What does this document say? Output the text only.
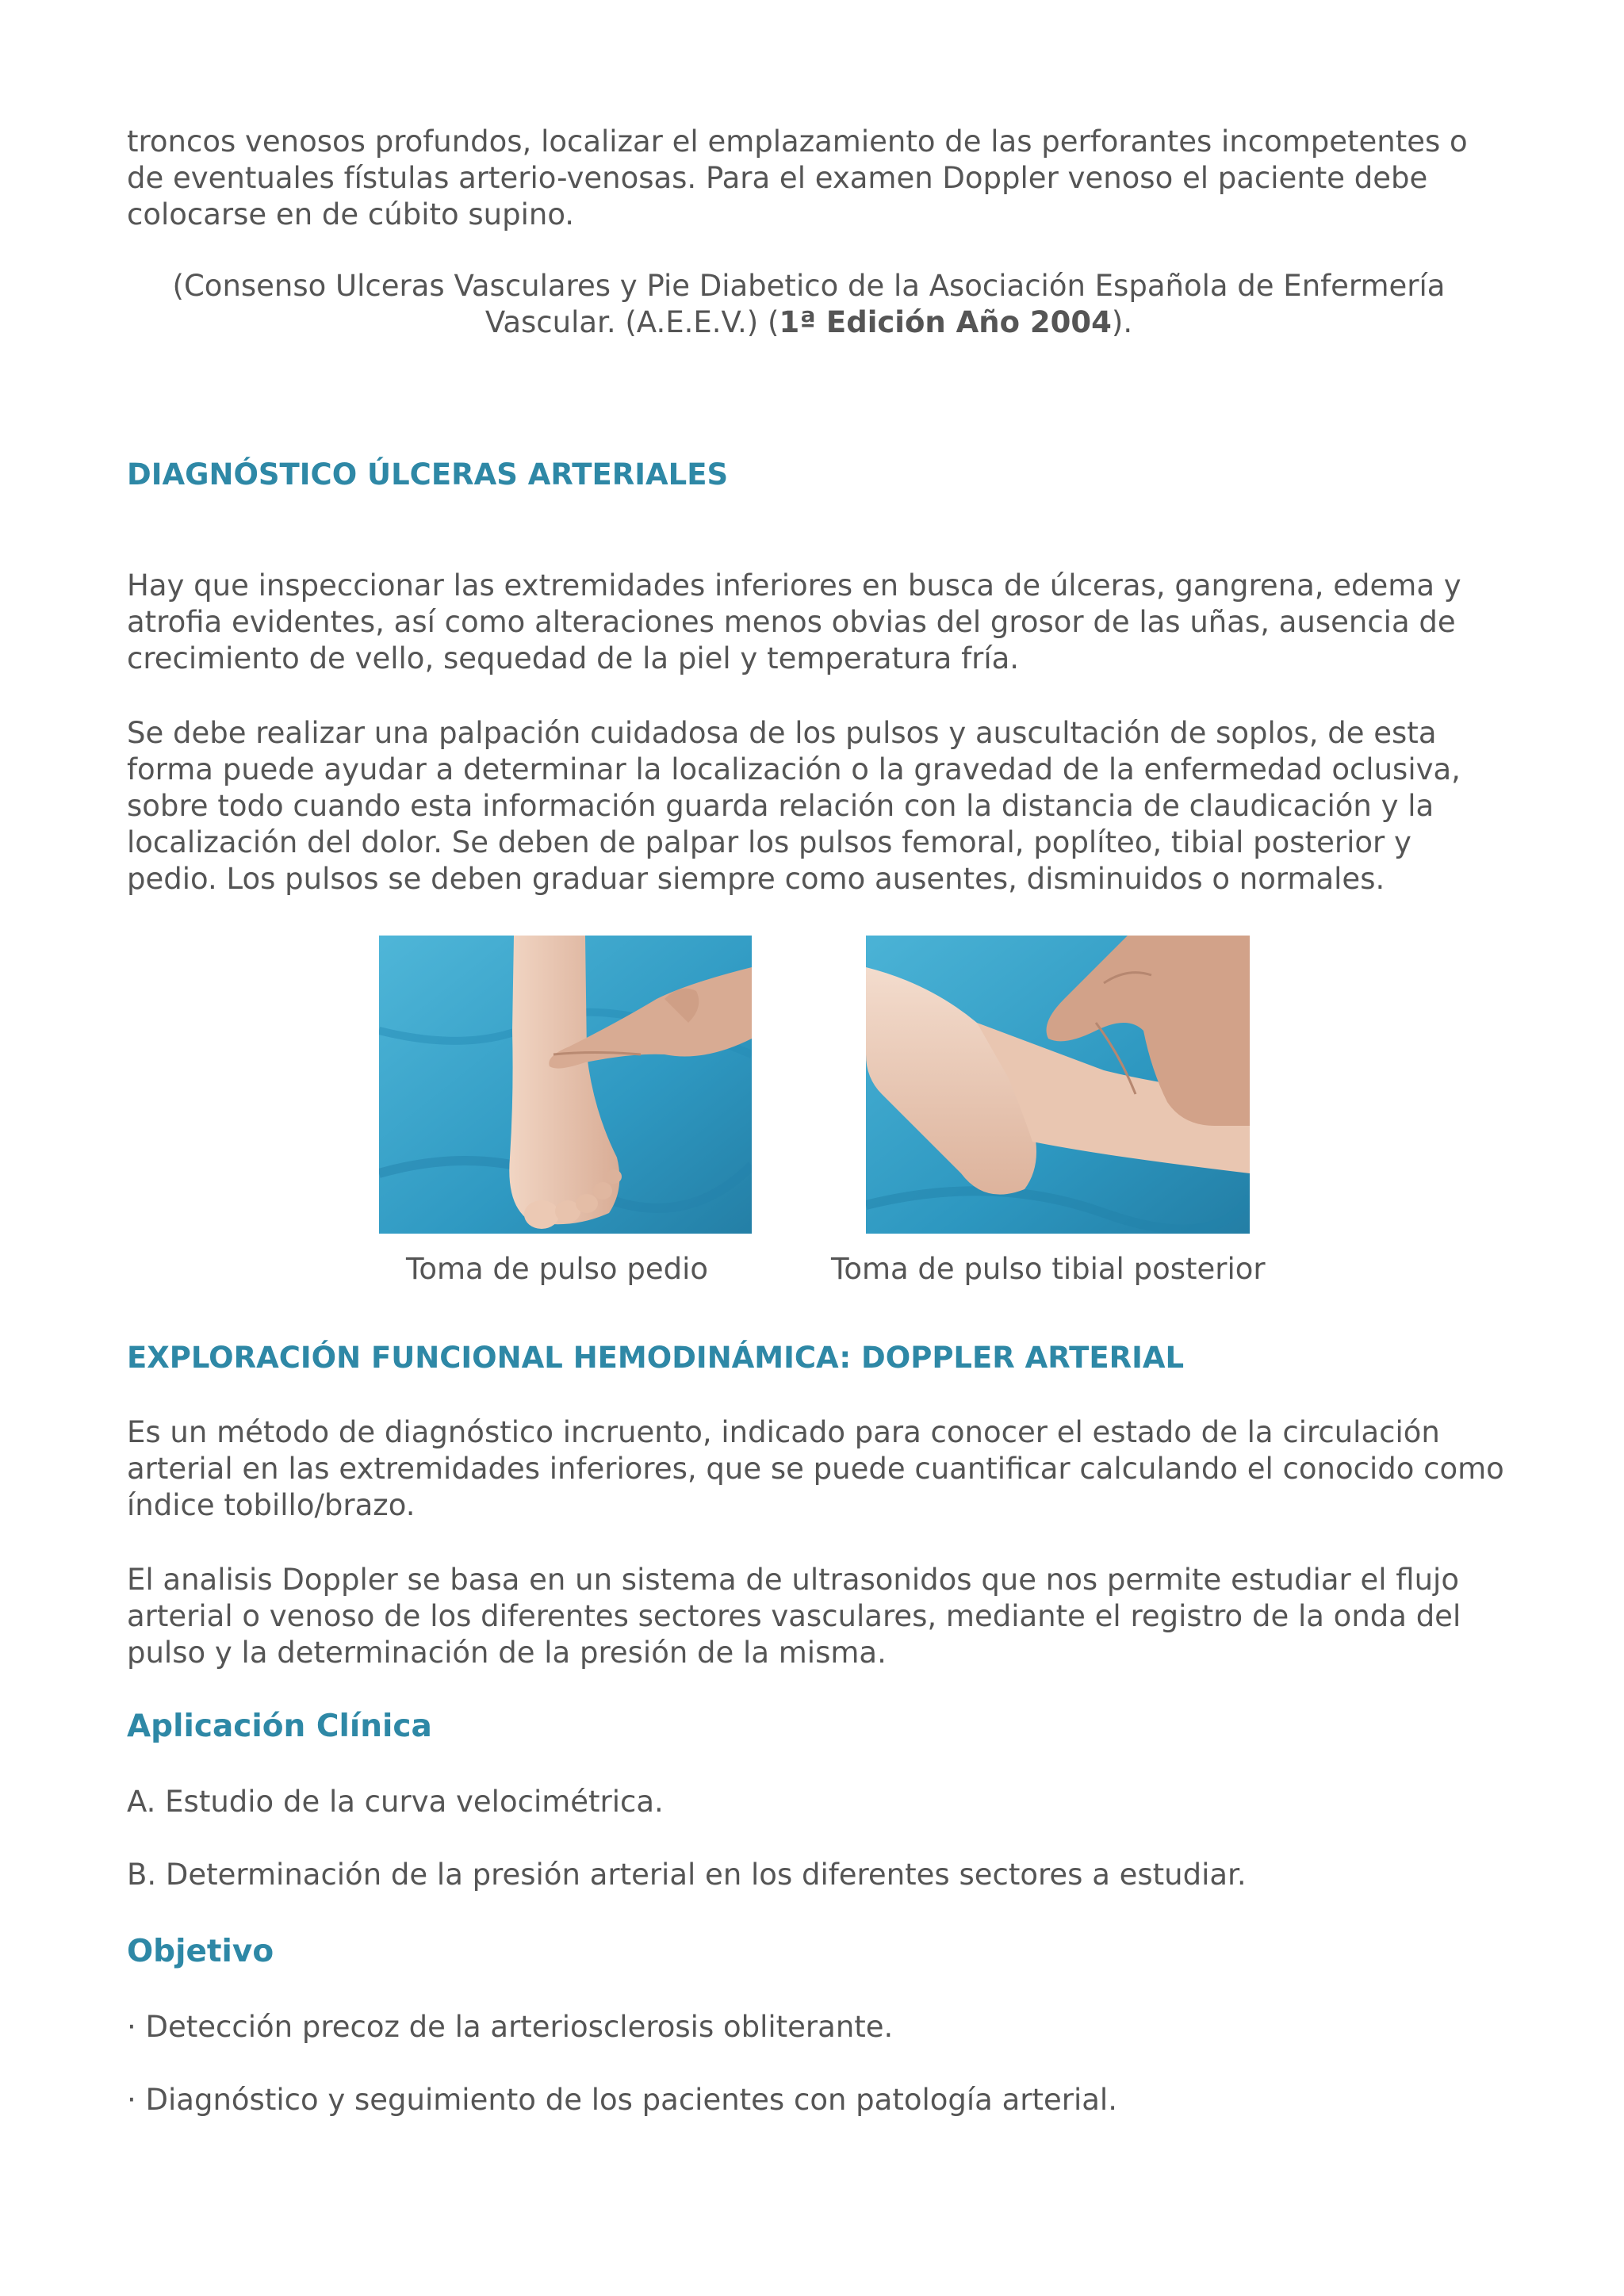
troncos venosos profundos, localizar el emplazamiento de las perforantes incompetentes o
de eventuales fístulas arterio-venosas. Para el examen Doppler venoso el paciente debe
colocarse en de cúbito supino.

(Consenso Ulceras Vasculares y Pie Diabetico de la Asociación Española de Enfermería
Vascular. (A.E.E.V.) (1ª Edición Año 2004).

DIAGNÓSTICO ÚLCERAS ARTERIALES

Hay que inspeccionar las extremidades inferiores en busca de úlceras, gangrena, edema y
atrofia evidentes, así como alteraciones menos obvias del grosor de las uñas, ausencia de
crecimiento de vello, sequedad de la piel y temperatura fría.

Se debe realizar una palpación cuidadosa de los pulsos y auscultación de soplos, de esta
forma puede ayudar a determinar la localización o la gravedad de la enfermedad oclusiva,
sobre todo cuando esta información guarda relación con la distancia de claudicación y la
localización del dolor. Se deben de palpar los pulsos femoral, poplíteo, tibial posterior y
pedio. Los pulsos se deben graduar siempre como ausentes, disminuidos o normales.

Toma de pulso pedio	Toma de pulso tibial posterior
EXPLORACIÓN FUNCIONAL HEMODINÁMICA: DOPPLER ARTERIAL

Es un método de diagnóstico incruento, indicado para conocer el estado de la circulación
arterial en las extremidades inferiores, que se puede cuantificar calculando el conocido como
índice tobillo/brazo.

El analisis Doppler se basa en un sistema de ultrasonidos que nos permite estudiar el flujo
arterial o venoso de los diferentes sectores vasculares, mediante el registro de la onda del
pulso y la determinación de la presión de la misma.

Aplicación Clínica

A. Estudio de la curva velocimétrica.

B. Determinación de la presión arterial en los diferentes sectores a estudiar.

Objetivo

· Detección precoz de la arteriosclerosis obliterante.

· Diagnóstico y seguimiento de los pacientes con patología arterial.
